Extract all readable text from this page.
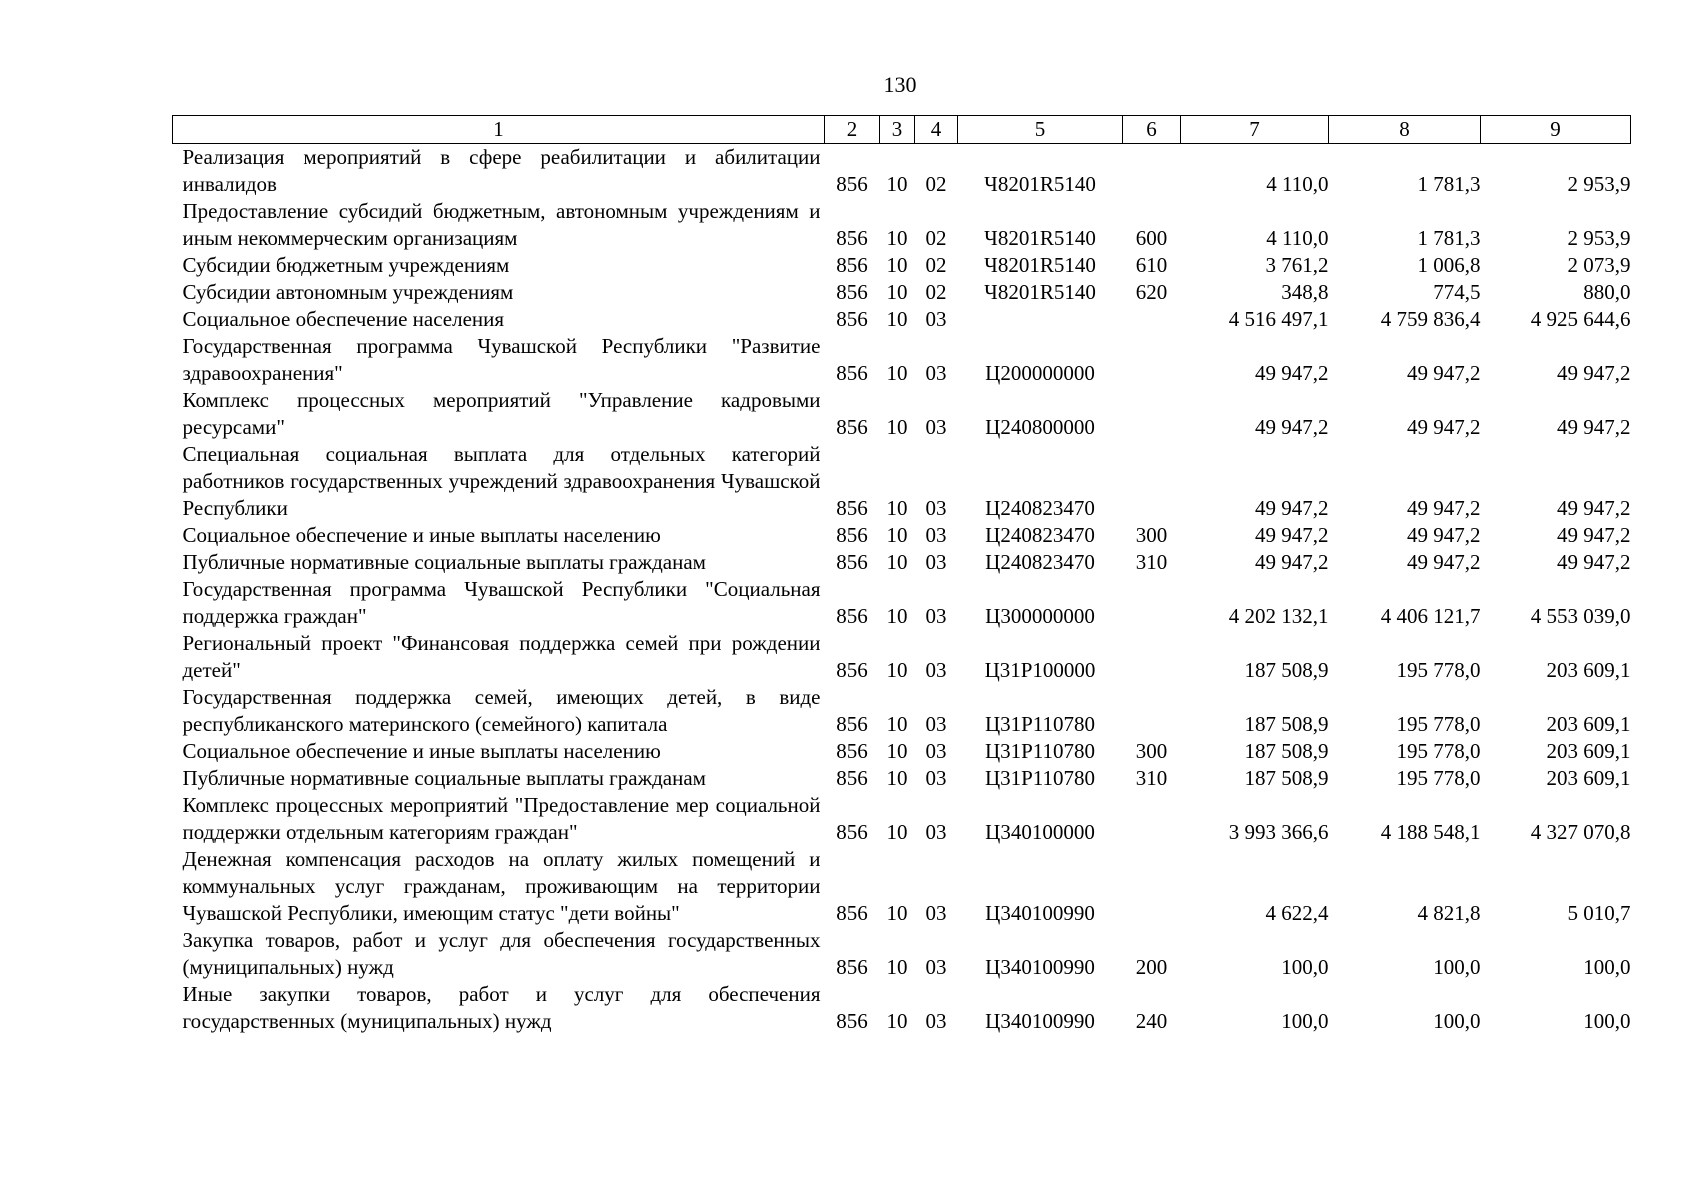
130
1	2	3	4	5	6	7	8	9
Реализация мероприятий в сфере реабилитации и абилитации инвалидов	856	10	02	Ч8201R5140		4 110,0	1 781,3	2 953,9
Предоставление субсидий бюджетным, автономным учреждениям и иным некоммерческим организациям	856	10	02	Ч8201R5140	600	4 110,0	1 781,3	2 953,9
Субсидии бюджетным учреждениям	856	10	02	Ч8201R5140	610	3 761,2	1 006,8	2 073,9
Субсидии автономным учреждениям	856	10	02	Ч8201R5140	620	348,8	774,5	880,0
Социальное обеспечение населения	856	10	03			4 516 497,1	4 759 836,4	4 925 644,6
Государственная программа Чувашской Республики "Развитие здравоохранения"	856	10	03	Ц200000000		49 947,2	49 947,2	49 947,2
Комплекс процессных мероприятий "Управление кадровыми ресурсами"	856	10	03	Ц240800000		49 947,2	49 947,2	49 947,2
Специальная социальная выплата для отдельных категорий работников государственных учреждений здравоохранения Чувашской Республики	856	10	03	Ц240823470		49 947,2	49 947,2	49 947,2
Социальное обеспечение и иные выплаты населению	856	10	03	Ц240823470	300	49 947,2	49 947,2	49 947,2
Публичные нормативные социальные выплаты гражданам	856	10	03	Ц240823470	310	49 947,2	49 947,2	49 947,2
Государственная программа Чувашской Республики "Социальная поддержка граждан"	856	10	03	Ц300000000		4 202 132,1	4 406 121,7	4 553 039,0
Региональный проект "Финансовая поддержка семей при рождении детей"	856	10	03	Ц31P100000		187 508,9	195 778,0	203 609,1
Государственная поддержка семей, имеющих детей, в виде республиканского материнского (семейного) капитала	856	10	03	Ц31P110780		187 508,9	195 778,0	203 609,1
Социальное обеспечение и иные выплаты населению	856	10	03	Ц31P110780	300	187 508,9	195 778,0	203 609,1
Публичные нормативные социальные выплаты гражданам	856	10	03	Ц31P110780	310	187 508,9	195 778,0	203 609,1
Комплекс процессных мероприятий "Предоставление мер социальной поддержки отдельным категориям граждан"	856	10	03	Ц340100000		3 993 366,6	4 188 548,1	4 327 070,8
Денежная компенсация расходов на оплату жилых помещений и коммунальных услуг гражданам, проживающим на территории Чувашской Республики, имеющим статус "дети войны"	856	10	03	Ц340100990		4 622,4	4 821,8	5 010,7
Закупка товаров, работ и услуг для обеспечения государственных (муниципальных) нужд	856	10	03	Ц340100990	200	100,0	100,0	100,0
Иные закупки товаров, работ и услуг для обеспечения государственных (муниципальных) нужд	856	10	03	Ц340100990	240	100,0	100,0	100,0
